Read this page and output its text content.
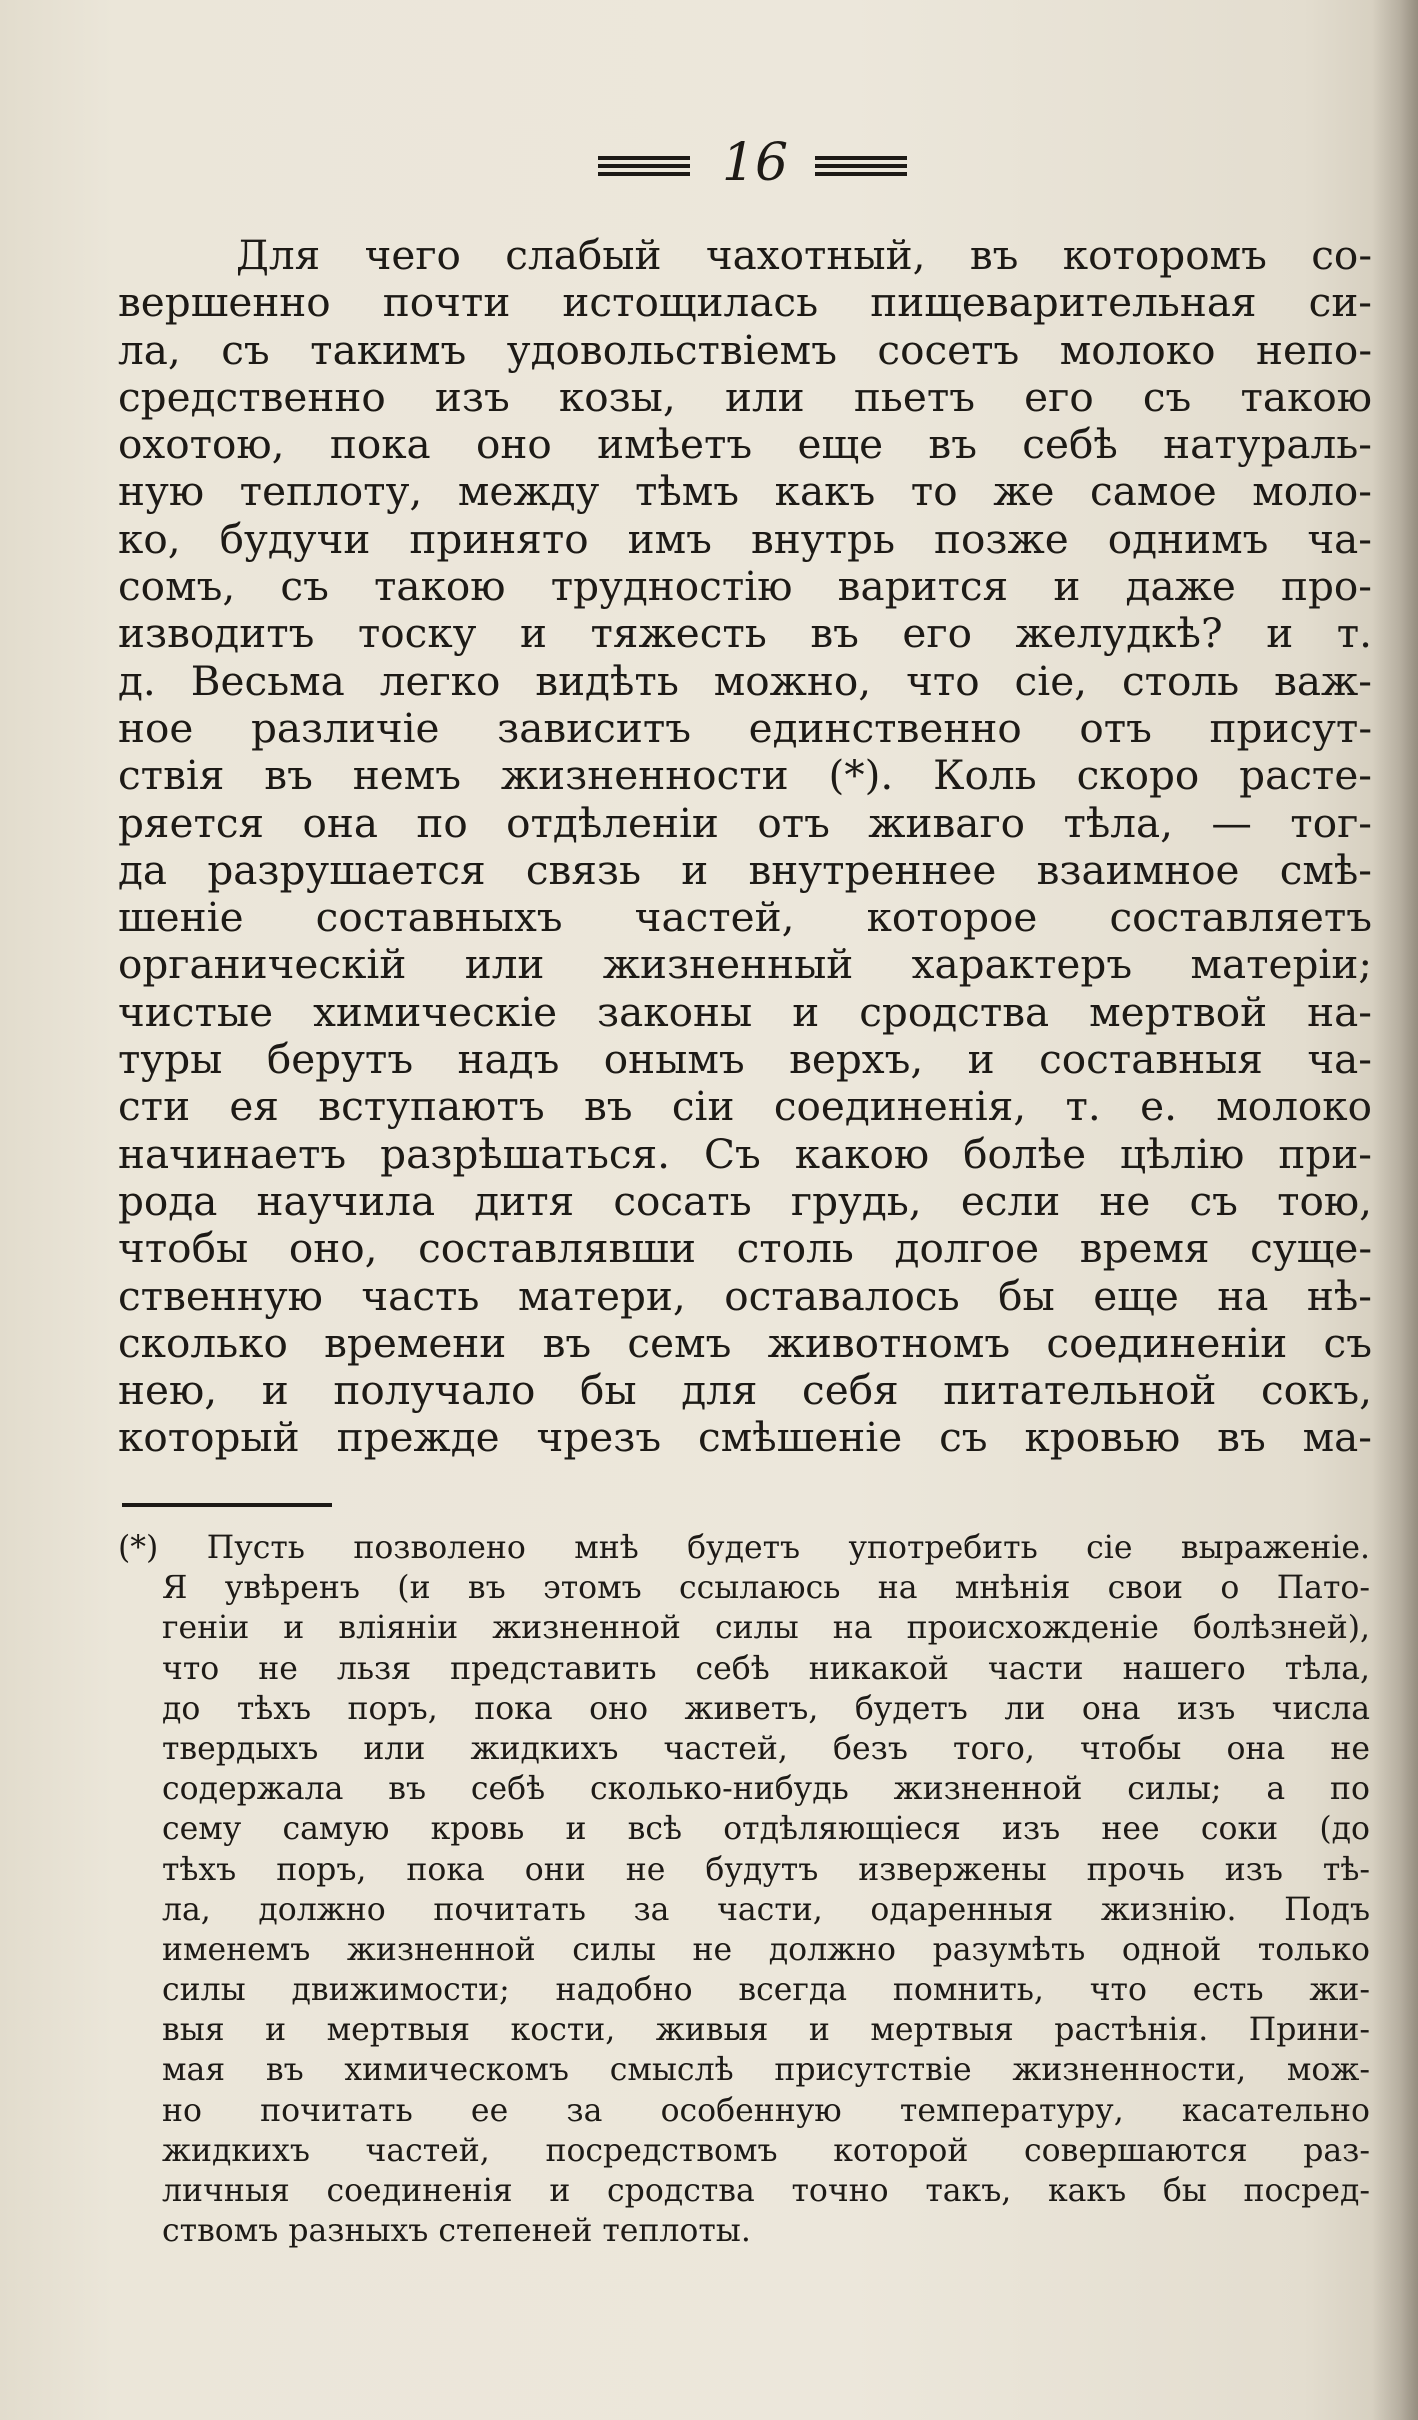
16
Для чего слабый чахотный, въ которомъ со-
вершенно почти истощилась пищеварительная си-
ла, съ такимъ удовольствiемъ сосетъ молоко непо-
средственно изъ козы, или пьетъ его съ такою
охотою, пока оно имѣетъ еще въ себѣ натураль-
ную теплоту, между тѣмъ какъ то же самое моло-
ко, будучи принято имъ внутрь позже однимъ ча-
сомъ, съ такою трудностiю варится и даже про-
изводитъ тоску и тяжесть въ его желудкѣ? и т.
д. Весьма легко видѣть можно, что сiе, столь важ-
ное различiе зависитъ единственно отъ присут-
ствiя въ немъ жизненности (*). Коль скоро расте-
ряется она по отдѣленiи отъ живаго тѣла, — тог-
да разрушается связь и внутреннее взаимное смѣ-
шенiе составныхъ частей, которое составляетъ
органическiй или жизненный характеръ матерiи;
чистые химическiе законы и сродства мертвой на-
туры берутъ надъ онымъ верхъ, и составныя ча-
сти ея вступаютъ въ сiи соединенiя, т. е. молоко
начинаетъ разрѣшаться. Съ какою болѣе цѣлiю при-
рода научила дитя сосать грудь, если не съ тою,
чтобы оно, составлявши столь долгое время суще-
ственную часть матери, оставалось бы еще на нѣ-
сколько времени въ семъ животномъ соединенiи съ
нею, и получало бы для себя питательной сокъ,
который прежде чрезъ смѣшенiе съ кровью въ ма-
(*) Пусть позволено мнѣ будетъ употребить сiе выраженiе.
Я увѣренъ (и въ этомъ ссылаюсь на мнѣнiя свои о Пато-
генiи и влiянiи жизненной силы на происхожденiе болѣзней),
что не льзя представить себѣ никакой части нашего тѣла,
до тѣхъ поръ, пока оно живетъ, будетъ ли она изъ числа
твердыхъ или жидкихъ частей, безъ того, чтобы она не
содержала въ себѣ сколько-нибудь жизненной силы; а по
сему самую кровь и всѣ отдѣляющiеся изъ нее соки (до
тѣхъ поръ, пока они не будутъ извержены прочь изъ тѣ-
ла, должно почитать за части, одаренныя жизнiю. Подъ
именемъ жизненной силы не должно разумѣть одной только
силы движимости; надобно всегда помнить, что есть жи-
выя и мертвыя кости, живыя и мертвыя растѣнiя. Прини-
мая въ химическомъ смыслѣ присутствiе жизненности, мож-
но почитать ее за особенную температуру, касательно
жидкихъ частей, посредствомъ которой совершаются раз-
личныя соединенiя и сродства точно такъ, какъ бы посред-
ствомъ разныхъ степеней теплоты.
